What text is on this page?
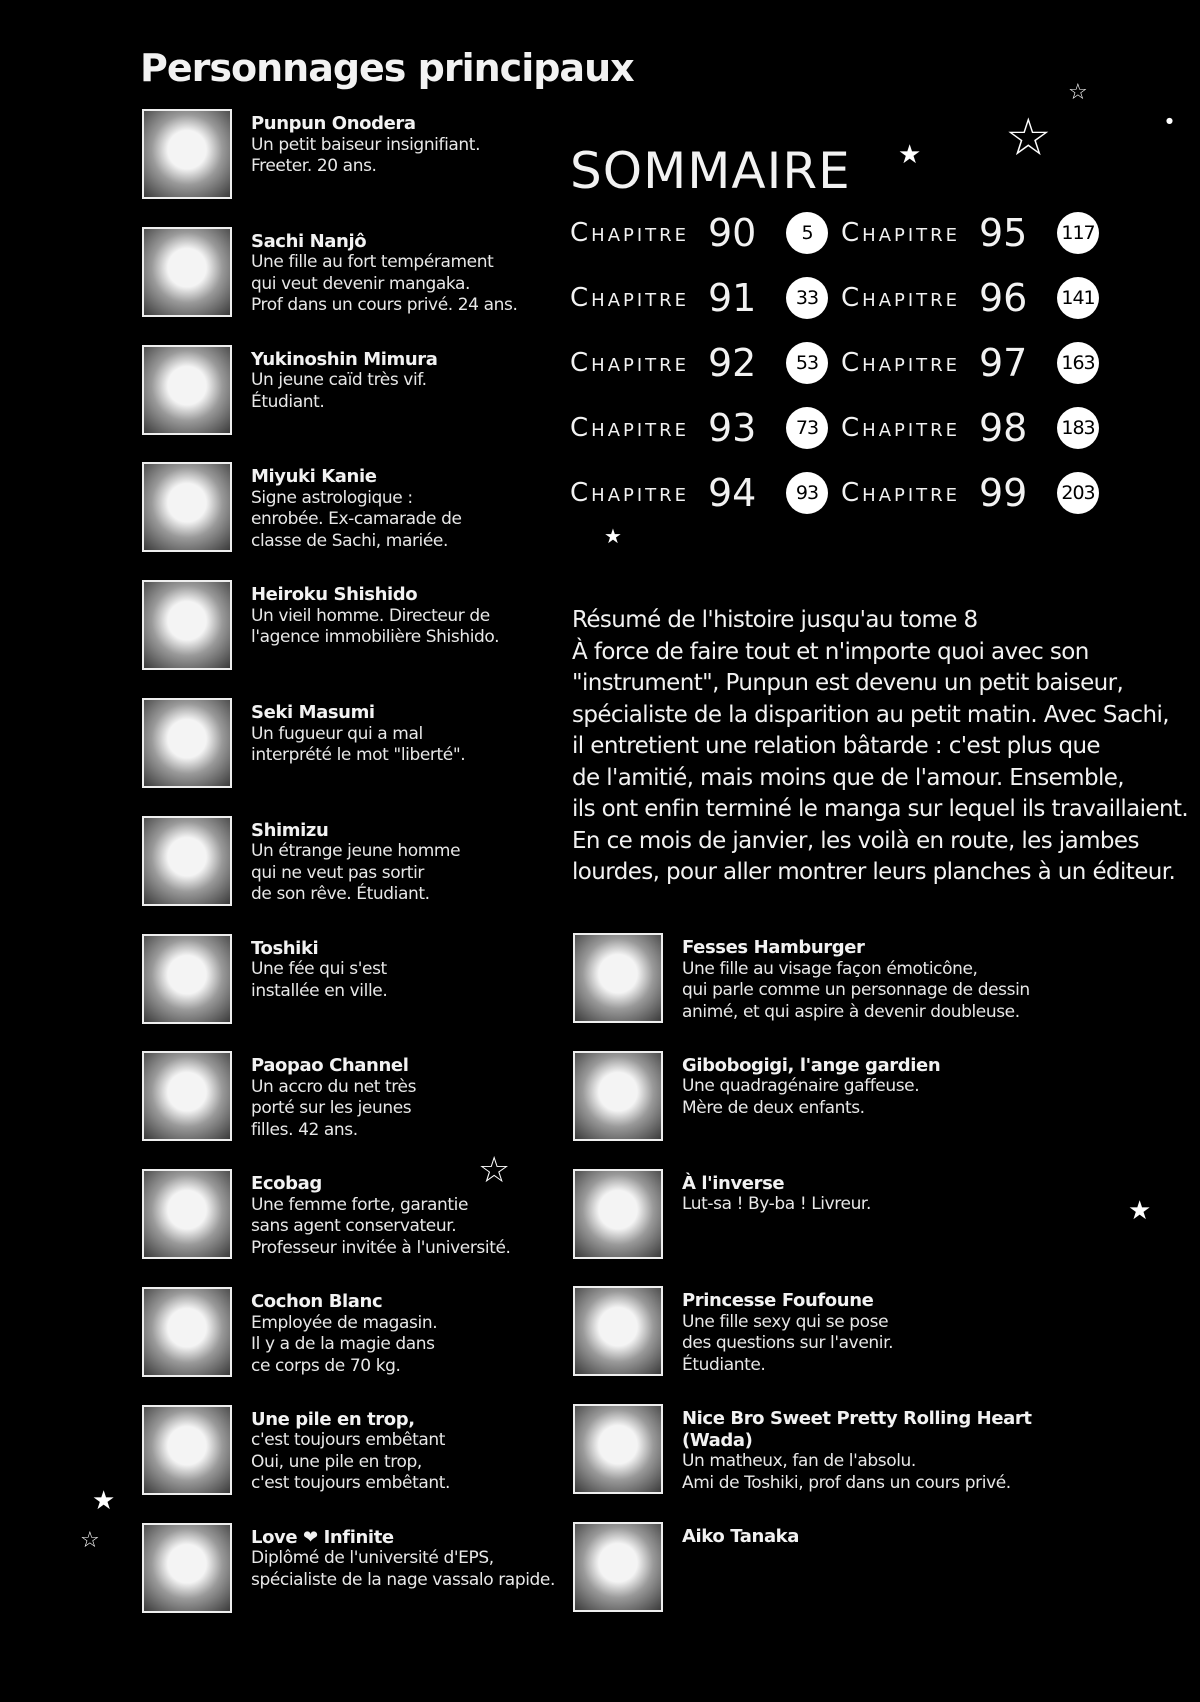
Personnages principaux
Punpun Onodera
Un petit baiseur insignifiant.
Freeter. 20 ans.
Sachi Nanjô
Une fille au fort tempérament
qui veut devenir mangaka.
Prof dans un cours privé. 24 ans.
Yukinoshin Mimura
Un jeune caïd très vif.
Étudiant.
Miyuki Kanie
Signe astrologique :
enrobée. Ex-camarade de
classe de Sachi, mariée.
Heiroku Shishido
Un vieil homme. Directeur de
l'agence immobilière Shishido.
Seki Masumi
Un fugueur qui a mal
interprété le mot "liberté".
Shimizu
Un étrange jeune homme
qui ne veut pas sortir
de son rêve. Étudiant.
Toshiki
Une fée qui s'est
installée en ville.
Paopao Channel
Un accro du net très
porté sur les jeunes
filles. 42 ans.
Ecobag
Une femme forte, garantie
sans agent conservateur.
Professeur invitée à l'université.
Cochon Blanc
Employée de magasin.
Il y a de la magie dans
ce corps de 70 kg.
Une pile en trop,
c'est toujours embêtant
Oui, une pile en trop,
c'est toujours embêtant.
Love ❤ Infinite
Diplômé de l'université d'EPS,
spécialiste de la nage vassalo rapide.
SOMMAIRE
Chapitre 90	5
Chapitre 91	33
Chapitre 92	53
Chapitre 93	73
Chapitre 94	93
Chapitre 95	117
Chapitre 96	141
Chapitre 97	163
Chapitre 98	183
Chapitre 99	203
Résumé de l'histoire jusqu'au tome 8
À force de faire tout et n'importe quoi avec son
"instrument", Punpun est devenu un petit baiseur,
spécialiste de la disparition au petit matin. Avec Sachi,
il entretient une relation bâtarde : c'est plus que
de l'amitié, mais moins que de l'amour. Ensemble,
ils ont enfin terminé le manga sur lequel ils travaillaient.
En ce mois de janvier, les voilà en route, les jambes
lourdes, pour aller montrer leurs planches à un éditeur.
Fesses Hamburger
Une fille au visage façon émoticône,
qui parle comme un personnage de dessin
animé, et qui aspire à devenir doubleuse.
Gibobogigi, l'ange gardien
Une quadragénaire gaffeuse.
Mère de deux enfants.
À l'inverse
Lut-sa ! By-ba ! Livreur.
Princesse Foufoune
Une fille sexy qui se pose
des questions sur l'avenir.
Étudiante.
Nice Bro Sweet Pretty Rolling Heart (Wada)
Un matheux, fan de l'absolu.
Ami de Toshiki, prof dans un cours privé.
Aiko Tanaka
☆
☆
★
●
★
☆
★
★
☆
